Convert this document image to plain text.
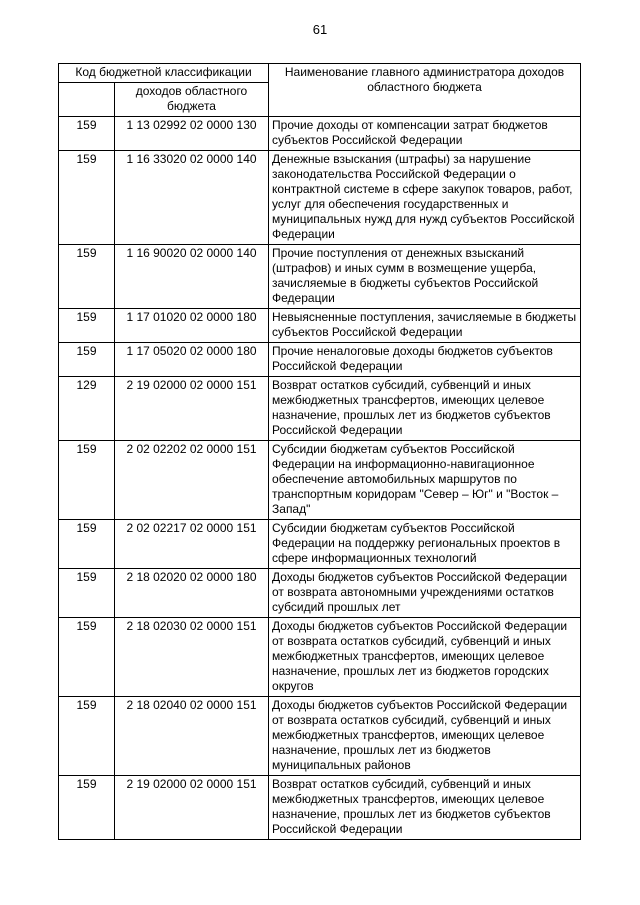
61
Код бюджетной классификации		Наименование главного администратора доходов областного бюджета
	доходов областного бюджета	
159	1 13 02992 02 0000 130	Прочие доходы от компенсации затрат бюджетов субъектов Российской Федерации
159	1 16 33020 02 0000 140	Денежные взыскания (штрафы) за нарушение законодательства Российской Федерации о контрактной системе в сфере закупок товаров, работ, услуг для обеспечения государственных и муниципальных нужд для нужд субъектов Российской Федерации
159	1 16 90020 02 0000 140	Прочие поступления от денежных взысканий (штрафов) и иных сумм в возмещение ущерба, зачисляемые в бюджеты субъектов Российской Федерации
159	1 17 01020 02 0000 180	Невыясненные поступления, зачисляемые в бюджеты субъектов Российской Федерации
159	1 17 05020 02 0000 180	Прочие неналоговые доходы бюджетов субъектов Российской Федерации
129	2 19 02000 02 0000 151	Возврат остатков субсидий, субвенций и иных межбюджетных трансфертов, имеющих целевое назначение, прошлых лет из бюджетов субъектов Российской Федерации
159	2 02 02202 02 0000 151	Субсидии бюджетам субъектов Российской Федерации на информационно-навигационное обеспечение автомобильных маршрутов по транспортным коридорам "Север – Юг" и "Восток – Запад"
159	2 02 02217 02 0000 151	Субсидии бюджетам субъектов Российской Федерации на поддержку региональных проектов в сфере информационных технологий
159	2 18 02020 02 0000 180	Доходы бюджетов субъектов Российской Федерации от возврата автономными учреждениями остатков субсидий прошлых лет
159	2 18 02030 02 0000 151	Доходы бюджетов субъектов Российской Федерации от возврата остатков субсидий, субвенций и иных межбюджетных трансфертов, имеющих целевое назначение, прошлых лет из бюджетов городских округов
159	2 18 02040 02 0000 151	Доходы бюджетов субъектов Российской Федерации от возврата остатков субсидий, субвенций и иных межбюджетных трансфертов, имеющих целевое назначение, прошлых лет из бюджетов муниципальных районов
159	2 19 02000 02 0000 151	Возврат остатков субсидий, субвенций и иных межбюджетных трансфертов, имеющих целевое назначение, прошлых лет из бюджетов субъектов Российской Федерации
